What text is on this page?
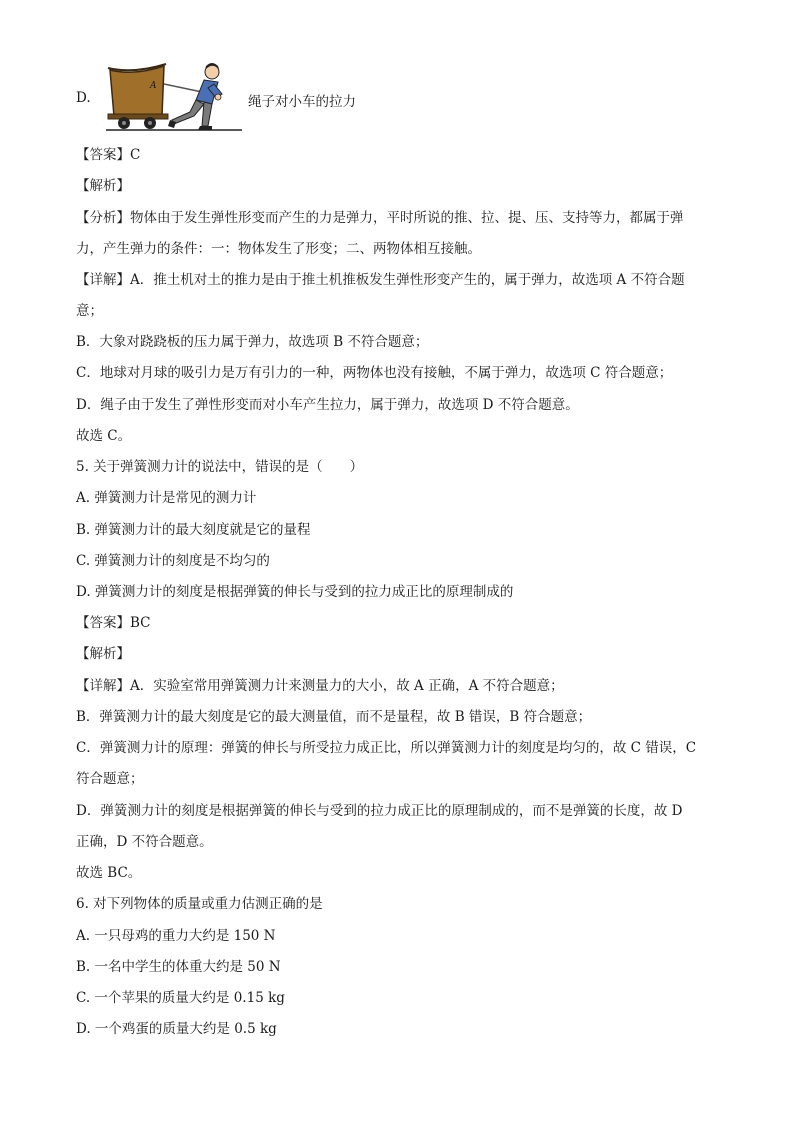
D.
A
绳子对小车的拉力
【答案】C
【解析】
【分析】物体由于发生弹性形变而产生的力是弹力，平时所说的推、拉、提、压、支持等力，都属于弹
力，产生弹力的条件：一：物体发生了形变；二、两物体相互接触。
【详解】A．推土机对土的推力是由于推土机推板发生弹性形变产生的，属于弹力，故选项 A 不符合题
意；
B．大象对跷跷板的压力属于弹力，故选项 B 不符合题意；
C．地球对月球的吸引力是万有引力的一种，两物体也没有接触，不属于弹力，故选项 C 符合题意；
D．绳子由于发生了弹性形变而对小车产生拉力，属于弹力，故选项 D 不符合题意。
故选 C。
5. 关于弹簧测力计的说法中，错误的是（　　）
A. 弹簧测力计是常见的测力计
B. 弹簧测力计的最大刻度就是它的量程
C. 弹簧测力计的刻度是不均匀的
D. 弹簧测力计的刻度是根据弹簧的伸长与受到的拉力成正比的原理制成的
【答案】BC
【解析】
【详解】A．实验室常用弹簧测力计来测量力的大小，故 A 正确，A 不符合题意；
B．弹簧测力计的最大刻度是它的最大测量值，而不是量程，故 B 错误，B 符合题意；
C．弹簧测力计的原理：弹簧的伸长与所受拉力成正比，所以弹簧测力计的刻度是均匀的，故 C 错误，C
符合题意；
D．弹簧测力计的刻度是根据弹簧的伸长与受到的拉力成正比的原理制成的，而不是弹簧的长度，故 D
正确，D 不符合题意。
故选 BC。
6. 对下列物体的质量或重力估测正确的是
A. 一只母鸡的重力大约是 150 N
B. 一名中学生的体重大约是 50 N
C. 一个苹果的质量大约是 0.15 kg
D. 一个鸡蛋的质量大约是 0.5 kg
